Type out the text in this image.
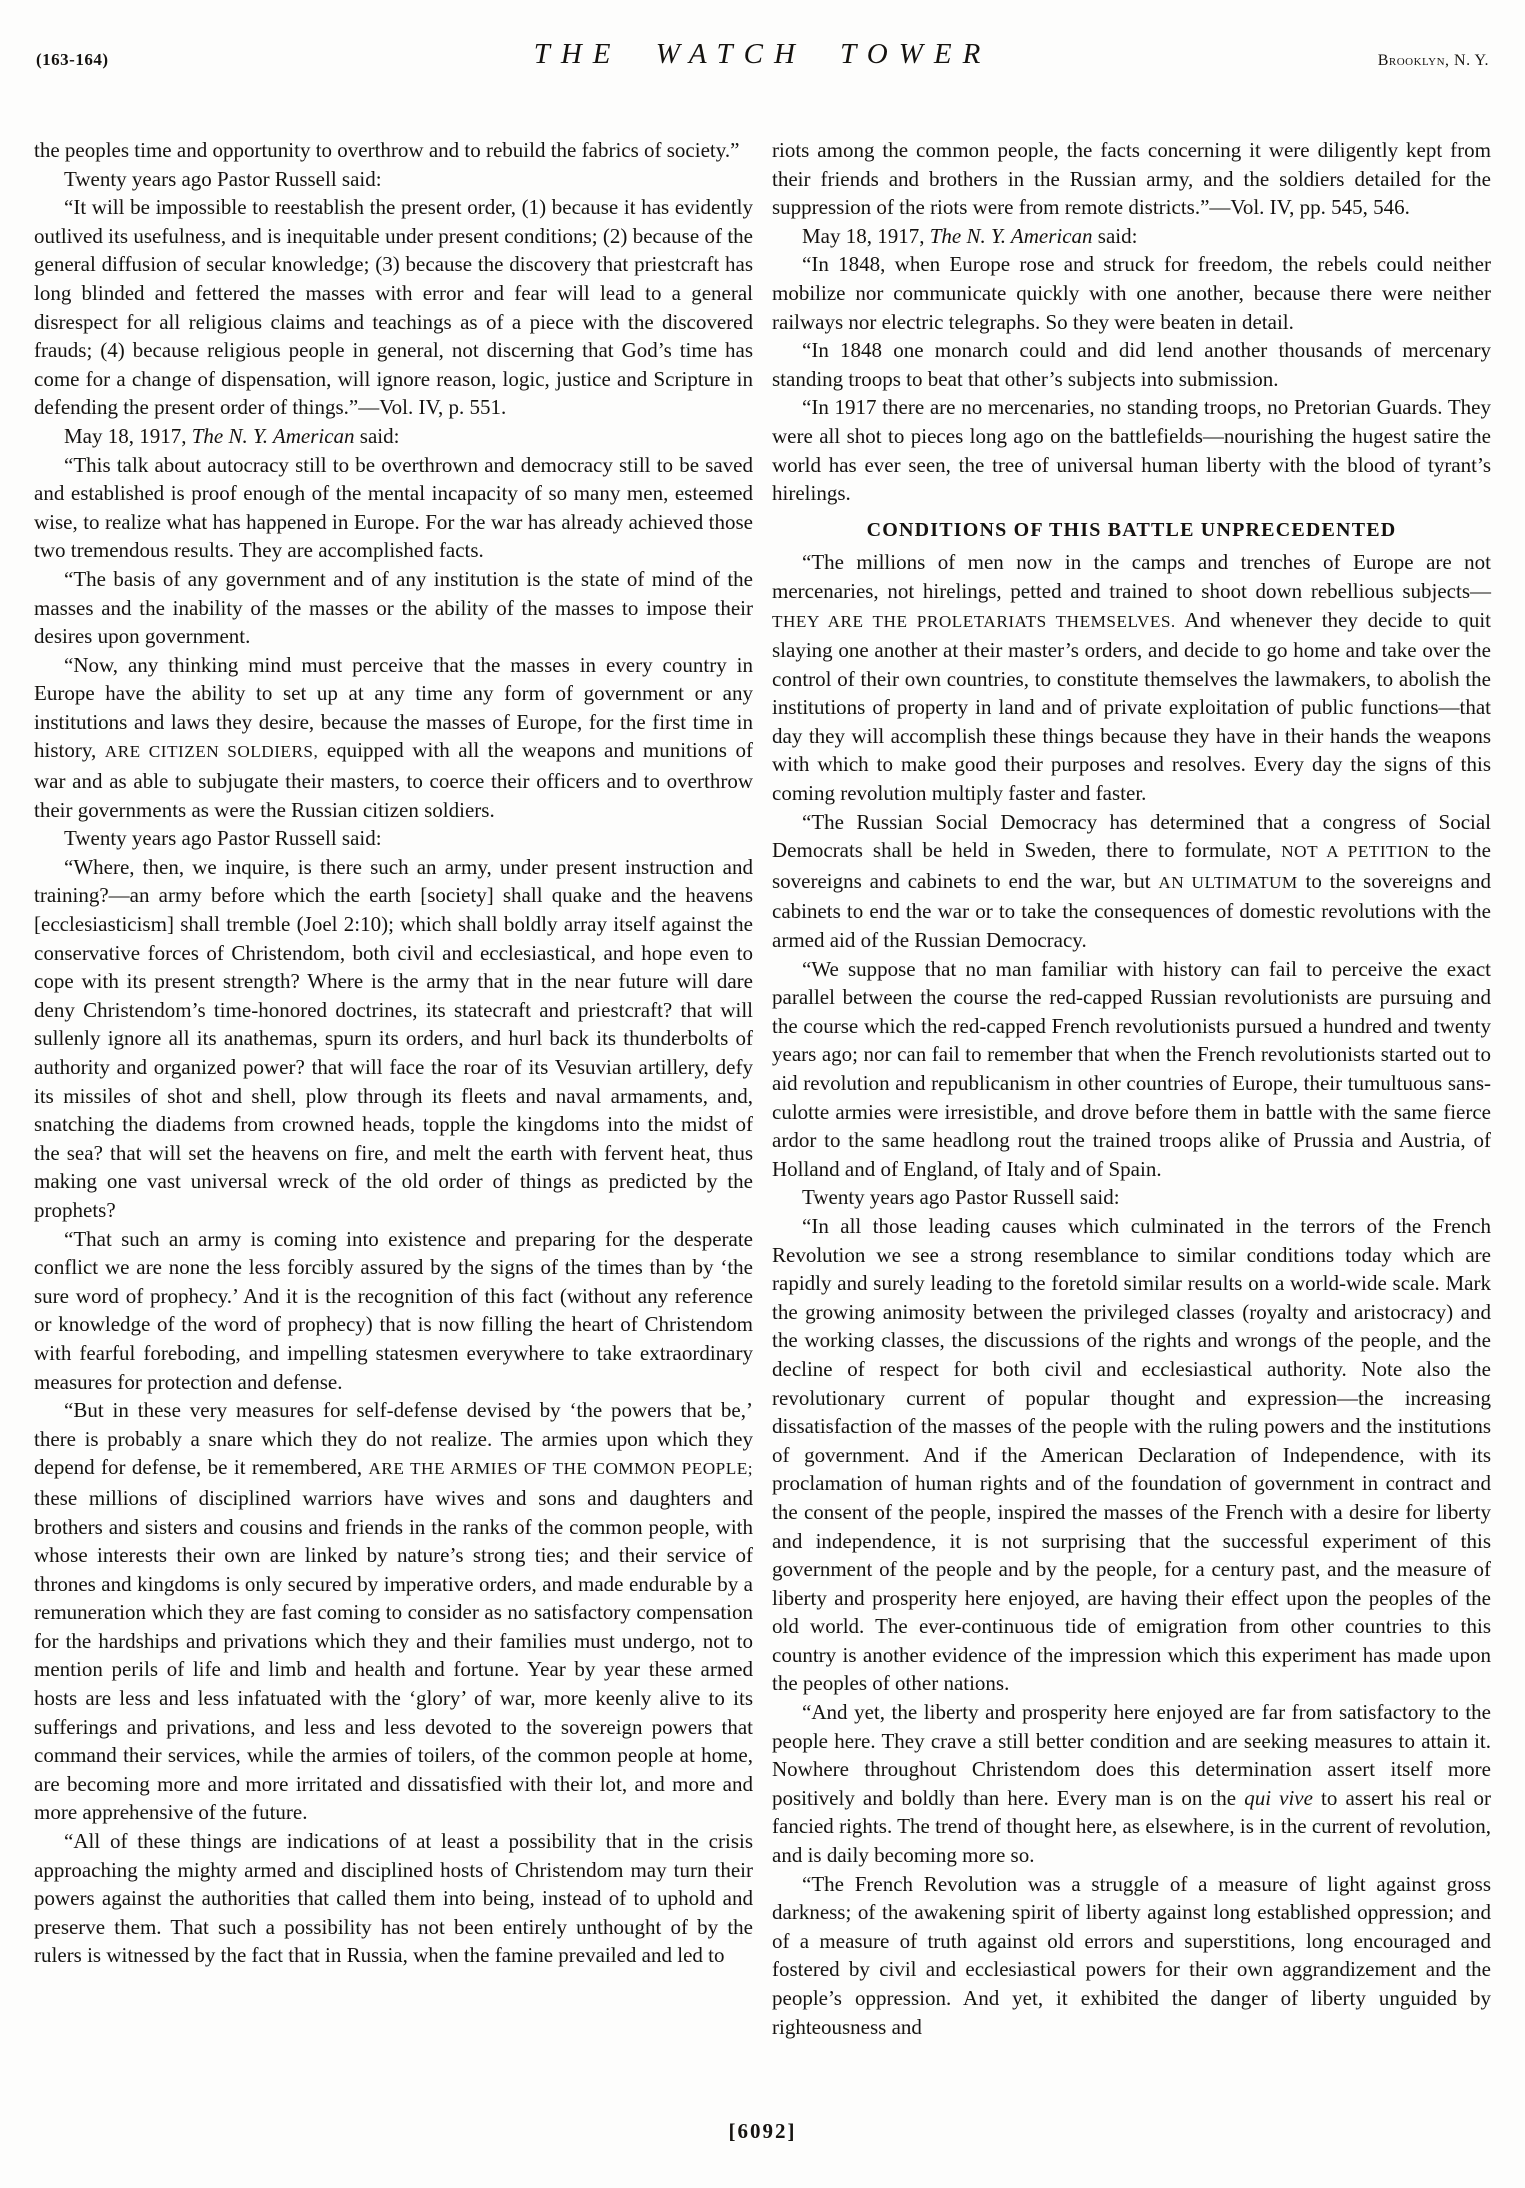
(163-164)	THE WATCH TOWER	Brooklyn, N. Y.

the peoples time and opportunity to overthrow and to rebuild the fabrics of society.”

Twenty years ago Pastor Russell said:

“It will be impossible to reestablish the present order, (1) because it has evidently outlived its usefulness, and is inequitable under present conditions; (2) because of the general diffusion of secular knowledge; (3) because the discovery that priestcraft has long blinded and fettered the masses with error and fear will lead to a general disrespect for all religious claims and teachings as of a piece with the discovered frauds; (4) because religious people in general, not discerning that God’s time has come for a change of dispensation, will ignore reason, logic, justice and Scripture in defending the present order of things.”—Vol. IV, p. 551.

May 18, 1917, The N. Y. American said:

“This talk about autocracy still to be overthrown and democracy still to be saved and established is proof enough of the mental incapacity of so many men, esteemed wise, to realize what has happened in Europe. For the war has already achieved those two tremendous results. They are accomplished facts.

“The basis of any government and of any institution is the state of mind of the masses and the inability of the masses or the ability of the masses to impose their desires upon government.

“Now, any thinking mind must perceive that the masses in every country in Europe have the ability to set up at any time any form of government or any institutions and laws they desire, because the masses of Europe, for the first time in history, ARE CITIZEN SOLDIERS, equipped with all the weapons and munitions of war and as able to subjugate their masters, to coerce their officers and to overthrow their governments as were the Russian citizen soldiers.

Twenty years ago Pastor Russell said:

“Where, then, we inquire, is there such an army, under present instruction and training?—an army before which the earth [society] shall quake and the heavens [ecclesiasticism] shall tremble (Joel 2:10); which shall boldly array itself against the conservative forces of Christendom, both civil and ecclesiastical, and hope even to cope with its present strength? Where is the army that in the near future will dare deny Christendom’s time-honored doctrines, its statecraft and priestcraft? that will sullenly ignore all its anathemas, spurn its orders, and hurl back its thunderbolts of authority and organized power? that will face the roar of its Vesuvian artillery, defy its missiles of shot and shell, plow through its fleets and naval armaments, and, snatching the diadems from crowned heads, topple the kingdoms into the midst of the sea? that will set the heavens on fire, and melt the earth with fervent heat, thus making one vast universal wreck of the old order of things as predicted by the prophets?

“That such an army is coming into existence and preparing for the desperate conflict we are none the less forcibly assured by the signs of the times than by ‘the sure word of prophecy.’ And it is the recognition of this fact (without any reference or knowledge of the word of prophecy) that is now filling the heart of Christendom with fearful foreboding, and impelling statesmen everywhere to take extraordinary measures for protection and defense.

“But in these very measures for self-defense devised by ‘the powers that be,’ there is probably a snare which they do not realize. The armies upon which they depend for defense, be it remembered, ARE THE ARMIES OF THE COMMON PEOPLE; these millions of disciplined warriors have wives and sons and daughters and brothers and sisters and cousins and friends in the ranks of the common people, with whose interests their own are linked by nature’s strong ties; and their service of thrones and kingdoms is only secured by imperative orders, and made endurable by a remuneration which they are fast coming to consider as no satisfactory compensation for the hardships and privations which they and their families must undergo, not to mention perils of life and limb and health and fortune. Year by year these armed hosts are less and less infatuated with the ‘glory’ of war, more keenly alive to its sufferings and privations, and less and less devoted to the sovereign powers that command their services, while the armies of toilers, of the common people at home, are becoming more and more irritated and dissatisfied with their lot, and more and more apprehensive of the future.

“All of these things are indications of at least a possibility that in the crisis approaching the mighty armed and disciplined hosts of Christendom may turn their powers against the authorities that called them into being, instead of to uphold and preserve them. That such a possibility has not been entirely unthought of by the rulers is witnessed by the fact that in Russia, when the famine prevailed and led to

riots among the common people, the facts concerning it were diligently kept from their friends and brothers in the Russian army, and the soldiers detailed for the suppression of the riots were from remote districts.”—Vol. IV, pp. 545, 546.

May 18, 1917, The N. Y. American said:

“In 1848, when Europe rose and struck for freedom, the rebels could neither mobilize nor communicate quickly with one another, because there were neither railways nor electric telegraphs. So they were beaten in detail.

“In 1848 one monarch could and did lend another thousands of mercenary standing troops to beat that other’s subjects into submission.

“In 1917 there are no mercenaries, no standing troops, no Pretorian Guards. They were all shot to pieces long ago on the battlefields—nourishing the hugest satire the world has ever seen, the tree of universal human liberty with the blood of tyrant’s hirelings.

CONDITIONS OF THIS BATTLE UNPRECEDENTED

“The millions of men now in the camps and trenches of Europe are not mercenaries, not hirelings, petted and trained to shoot down rebellious subjects—THEY ARE THE PROLETARIATS THEMSELVES. And whenever they decide to quit slaying one another at their master’s orders, and decide to go home and take over the control of their own countries, to constitute themselves the lawmakers, to abolish the institutions of property in land and of private exploitation of public functions—that day they will accomplish these things because they have in their hands the weapons with which to make good their purposes and resolves. Every day the signs of this coming revolution multiply faster and faster.

“The Russian Social Democracy has determined that a congress of Social Democrats shall be held in Sweden, there to formulate, NOT A PETITION to the sovereigns and cabinets to end the war, but AN ULTIMATUM to the sovereigns and cabinets to end the war or to take the consequences of domestic revolutions with the armed aid of the Russian Democracy.

“We suppose that no man familiar with history can fail to perceive the exact parallel between the course the red-capped Russian revolutionists are pursuing and the course which the red-capped French revolutionists pursued a hundred and twenty years ago; nor can fail to remember that when the French revolutionists started out to aid revolution and republicanism in other countries of Europe, their tumultuous sans-culotte armies were irresistible, and drove before them in battle with the same fierce ardor to the same headlong rout the trained troops alike of Prussia and Austria, of Holland and of England, of Italy and of Spain.

Twenty years ago Pastor Russell said:

“In all those leading causes which culminated in the terrors of the French Revolution we see a strong resemblance to similar conditions today which are rapidly and surely leading to the foretold similar results on a world-wide scale. Mark the growing animosity between the privileged classes (royalty and aristocracy) and the working classes, the discussions of the rights and wrongs of the people, and the decline of respect for both civil and ecclesiastical authority. Note also the revolutionary current of popular thought and expression—the increasing dissatisfaction of the masses of the people with the ruling powers and the institutions of government. And if the American Declaration of Independence, with its proclamation of human rights and of the foundation of government in contract and the consent of the people, inspired the masses of the French with a desire for liberty and independence, it is not surprising that the successful experiment of this government of the people and by the people, for a century past, and the measure of liberty and prosperity here enjoyed, are having their effect upon the peoples of the old world. The ever-continuous tide of emigration from other countries to this country is another evidence of the impression which this experiment has made upon the peoples of other nations.

“And yet, the liberty and prosperity here enjoyed are far from satisfactory to the people here. They crave a still better condition and are seeking measures to attain it. Nowhere throughout Christendom does this determination assert itself more positively and boldly than here. Every man is on the qui vive to assert his real or fancied rights. The trend of thought here, as elsewhere, is in the current of revolution, and is daily becoming more so.

“The French Revolution was a struggle of a measure of light against gross darkness; of the awakening spirit of liberty against long established oppression; and of a measure of truth against old errors and superstitions, long encouraged and fostered by civil and ecclesiastical powers for their own aggrandizement and the people’s oppression. And yet, it exhibited the danger of liberty unguided by righteousness and

[6092]
